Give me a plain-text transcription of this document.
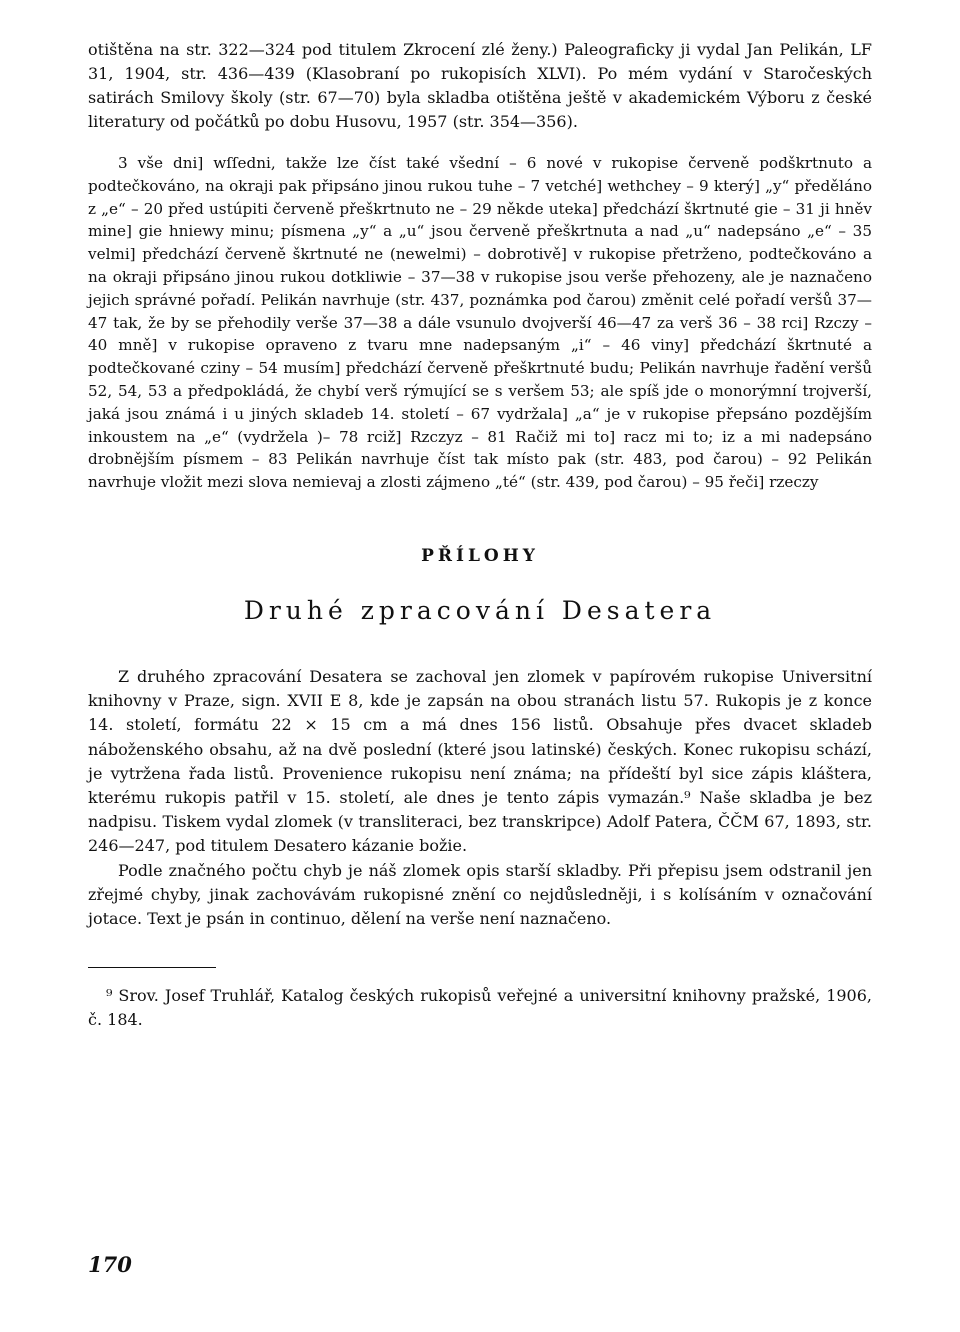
otištěna na str. 322—324 pod titulem Zkrocení zlé ženy.) Paleograficky ji vydal Jan Pelikán, LF 31, 1904, str. 436—439 (Klasobraní po rukopisích XLVI). Po mém vydání v Staročeských satirách Smilovy školy (str. 67—70) byla skladba otištěna ještě v akademickém Výboru z české literatury od počátků po dobu Husovu, 1957 (str. 354—356).

3 vše dni] wſſedni, takže lze číst také všední – 6 nové v rukopise červeně podškrtnuto a podtečkováno, na okraji pak připsáno jinou rukou tuhe – 7 vetché] wethchey – 9 který] „y“ předěláno z „e“ – 20 před ustúpiti červeně přeškrtnuto ne – 29 někde uteka] předchází škrtnuté gie – 31 ji hněv mine] gie hniewy minu; písmena „y“ a „u“ jsou červeně přeškrtnuta a nad „u“ nadepsáno „e“ – 35 velmi] předchází červeně škrtnuté ne (newelmi) – dobrotivě] v rukopise přetrženo, podtečkováno a na okraji připsáno jinou rukou dotkliwie – 37—38 v rukopise jsou verše přehozeny, ale je naznačeno jejich správné pořadí. Pelikán navrhuje (str. 437, poznámka pod čarou) změnit celé pořadí veršů 37—47 tak, že by se přehodily verše 37—38 a dále vsunulo dvojverší 46—47 za verš 36 – 38 rci] Rzczy – 40 mně] v rukopise opraveno z tvaru mne nadepsaným „i“ – 46 viny] předchází škrtnuté a podtečkované cziny – 54 musím] předchází červeně přeškrtnuté budu; Pelikán navrhuje řadění veršů 52, 54, 53 a předpokládá, že chybí verš rýmující se s veršem 53; ale spíš jde o monorýmní trojverší, jaká jsou známá i u jiných skladeb 14. století – 67 vydržala] „a“ je v rukopise přepsáno pozdějším inkoustem na „e“ (vydržela )– 78 rciž] Rzczyz – 81 Račiž mi to] racz mi to; iz a mi nadepsáno drobnějším písmem – 83 Pelikán navrhuje číst tak místo pak (str. 483, pod čarou) – 92 Pelikán navrhuje vložit mezi slova nemievaj a zlosti zájmeno „té“ (str. 439, pod čarou) – 95 řeči] rzeczy

PŘÍLOHY
Druhé zpracování Desatera

Z druhého zpracování Desatera se zachoval jen zlomek v papírovém rukopise Universitní knihovny v Praze, sign. XVII E 8, kde je zapsán na obou stranách listu 57. Rukopis je z konce 14. století, formátu 22 × 15 cm a má dnes 156 listů. Obsahuje přes dvacet skladeb náboženského obsahu, až na dvě poslední (které jsou latinské) českých. Konec rukopisu schází, je vytržena řada listů. Provenience rukopisu není známa; na přídeští byl sice zápis kláštera, kterému rukopis patřil v 15. století, ale dnes je tento zápis vymazán.⁹ Naše skladba je bez nadpisu. Tiskem vydal zlomek (v transliteraci, bez transkripce) Adolf Patera, ČČM 67, 1893, str. 246—247, pod titulem Desatero kázanie božie.

Podle značného počtu chyb je náš zlomek opis starší skladby. Při přepisu jsem odstranil jen zřejmé chyby, jinak zachovávám rukopisné znění co nejdůsledněji, i s kolísáním v označování jotace. Text je psán in continuo, dělení na verše není naznačeno.

⁹ Srov. Josef Truhlář, Katalog českých rukopisů veřejné a universitní knihovny pražské, 1906, č. 184.

170
